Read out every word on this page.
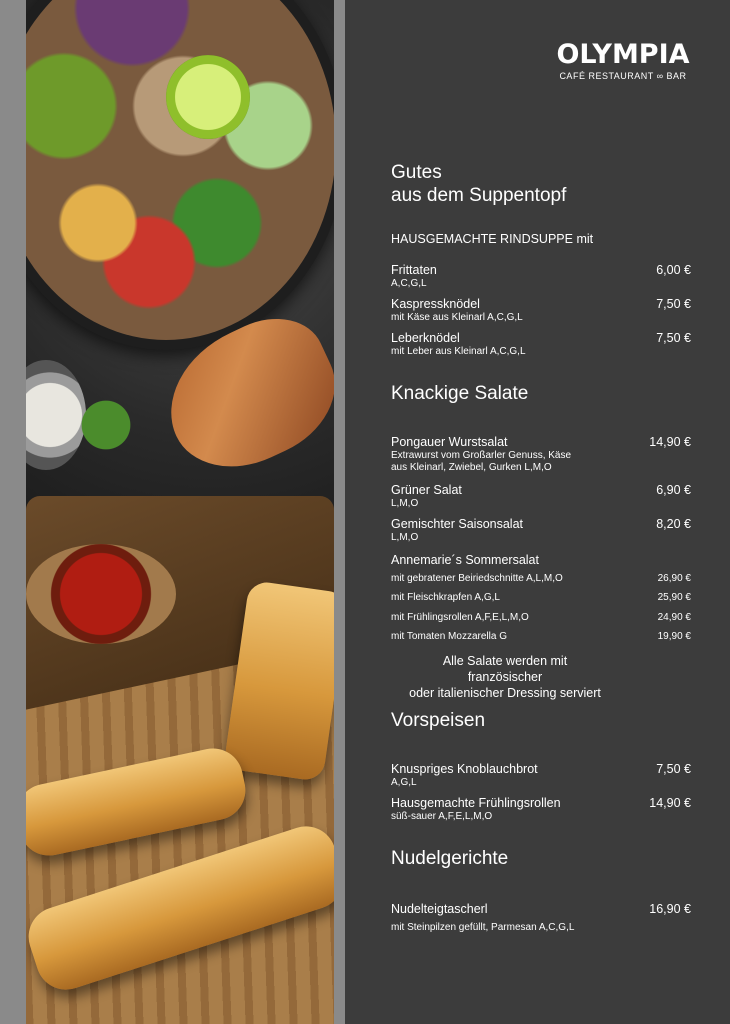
OLYMPIA
CAFÉ RESTAURANT ∞ BAR
Gutes
aus dem Suppentopf
HAUSGEMACHTE RINDSUPPE mit
Frittaten
A,C,G,L
6,00 €
Kaspressknödel
mit Käse aus Kleinarl A,C,G,L
7,50 €
Leberknödel
mit Leber aus Kleinarl A,C,G,L
7,50 €
Knackige Salate
Pongauer Wurstsalat
Extrawurst vom Großarler Genuss, Käse
aus Kleinarl, Zwiebel, Gurken L,M,O
14,90 €
Grüner Salat
L,M,O
6,90 €
Gemischter Saisonsalat
L,M,O
8,20 €
Annemarie´s Sommersalat
mit gebratener Beiriedschnitte A,L,M,O	26,90 €
mit Fleischkrapfen A,G,L	25,90 €
mit Frühlingsrollen A,F,E,L,M,O	24,90 €
mit Tomaten Mozzarella G	19,90 €
Alle Salate werden mit französischer
oder italienischer Dressing serviert
Vorspeisen
Knuspriges Knoblauchbrot
A,G,L
7,50 €
Hausgemachte Frühlingsrollen
süß-sauer A,F,E,L,M,O
14,90 €
Nudelgerichte
Nudelteigtascherl
mit Steinpilzen gefüllt, Parmesan A,C,G,L
16,90 €
